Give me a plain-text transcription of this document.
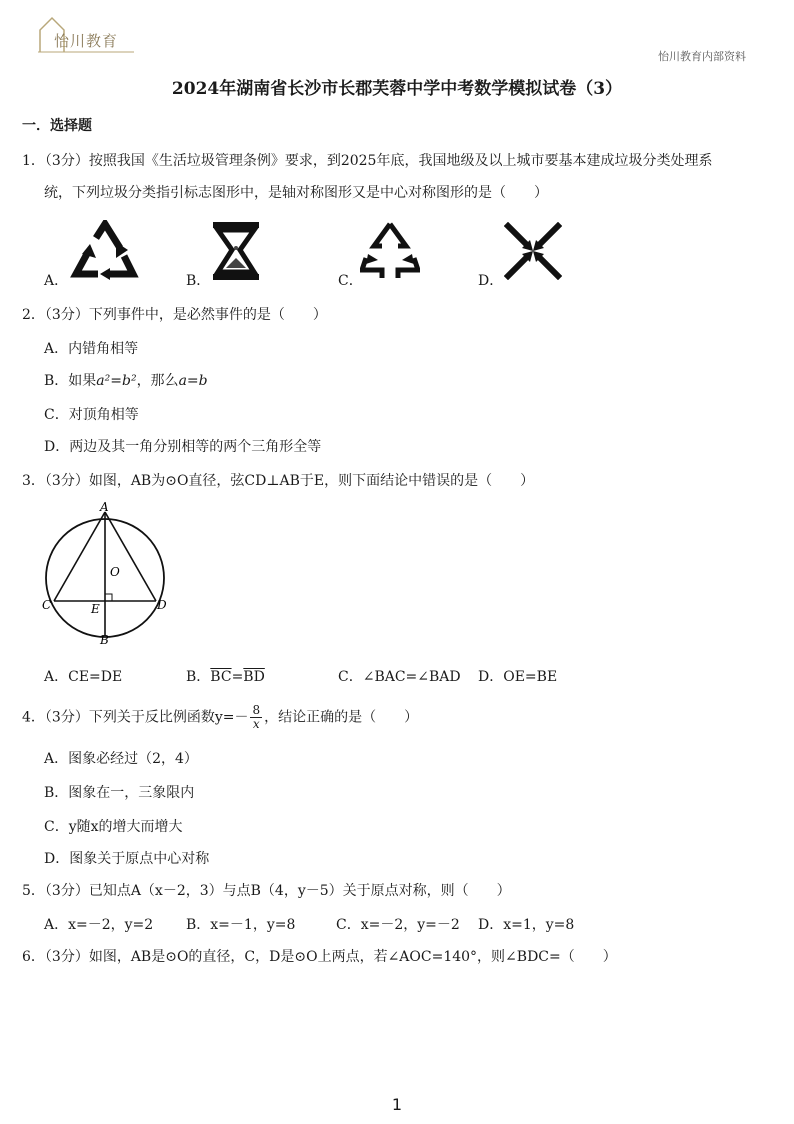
怡川教育
怡川教育内部资料
2024年湖南省长沙市长郡芙蓉中学中考数学模拟试卷（3）
一．选择题
1．（3分）按照我国《生活垃圾管理条例》要求，到2025年底，我国地级及以上城市要基本建成垃圾分类处理系
统，下列垃圾分类指引标志图形中，是轴对称图形又是中心对称图形的是（　　）
A．	B．	C．	D．
2．（3分）下列事件中，是必然事件的是（　　）
A．内错角相等
B．如果a²=b²，那么a=b
C．对顶角相等
D．两边及其一角分别相等的两个三角形全等
3．（3分）如图，AB为⊙O直径，弦CD⊥AB于E，则下面结论中错误的是（　　）
A
O
C	D
E
B
A．CE=DE	B．$\overline{BC}=\overline{BD}$	C．∠BAC=∠BAD D．OE=BE
4．（3分）下列关于反比例函数$y=- \frac{8}{x}$ ，结论正确的是（　　）
A．图象必经过（2，4）
B．图象在一，三象限内
C．y随x的增大而增大
D．图象关于原点中心对称
5．（3分）已知点A（x－2，3）与点B（4，y－5）关于原点对称，则（　　）
A．x=－2，y=2 B．x=－1，y=8	C．x=－2，y=－2 D．x=1，y=8
6．（3分）如图，AB是⊙O的直径，C，D是⊙O上两点，若∠AOC=140°，则∠BDC=（　　）
1
